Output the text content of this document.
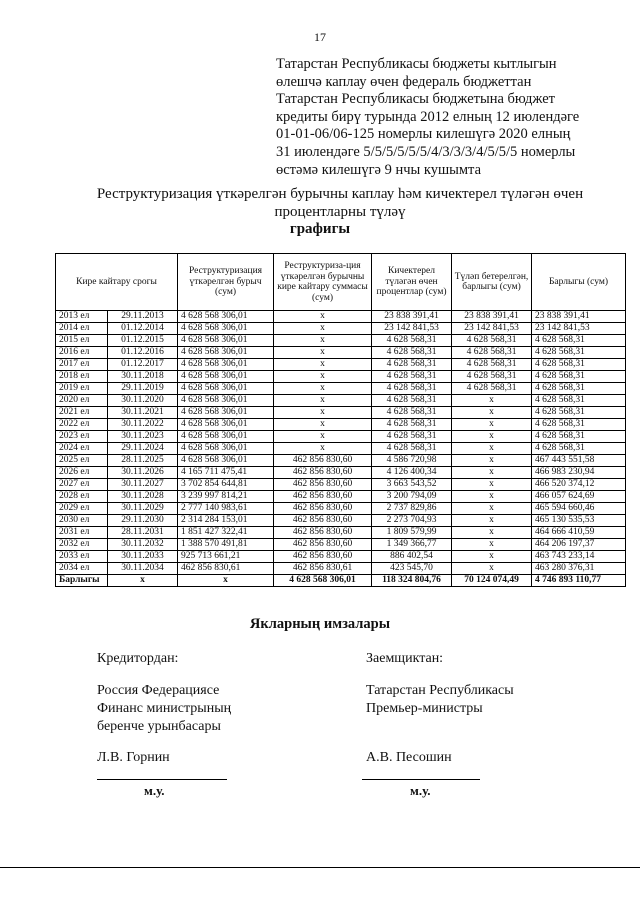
17
Татарстан Республикасы бюджеты кытлыгын
өлешчә каплау өчен федераль бюджеттан
Татарстан Республикасы бюджетына бюджет
кредиты бирү турында 2012 елның 12 июлендәге
01-01-06/06-125 номерлы килешүгә 2020 елның
31 июлендәге 5/5/5/5/5/5/4/3/3/3/4/5/5/5 номерлы
өстәмә килешүгә 9 нчы кушымта
Реструктуризация үткәрелгән бурычны каплау һәм кичектерел түләгән өчен
процентларны түләү
графигы
Кире кайтару срогы		Реструктуризация үткәрелгән бурыч (сум)	Реструктуриза-ция үткәрелгән бурычны кире кайтару суммасы (сум)	Кичектерел түләгән өчен процентлар (сум)	Түләп бетерелгән, барлыгы (сум)	Барлыгы (сум)
2013 ел	29.11.2013	4 628 568 306,01	х	23 838 391,41	23 838 391,41	23 838 391,41
2014 ел	01.12.2014	4 628 568 306,01	х	23 142 841,53	23 142 841,53	23 142 841,53
2015 ел	01.12.2015	4 628 568 306,01	х	4 628 568,31	4 628 568,31	4 628 568,31
2016 ел	01.12.2016	4 628 568 306,01	х	4 628 568,31	4 628 568,31	4 628 568,31
2017 ел	01.12.2017	4 628 568 306,01	х	4 628 568,31	4 628 568,31	4 628 568,31
2018 ел	30.11.2018	4 628 568 306,01	х	4 628 568,31	4 628 568,31	4 628 568,31
2019 ел	29.11.2019	4 628 568 306,01	х	4 628 568,31	4 628 568,31	4 628 568,31
2020 ел	30.11.2020	4 628 568 306,01	х	4 628 568,31	х	4 628 568,31
2021 ел	30.11.2021	4 628 568 306,01	х	4 628 568,31	х	4 628 568,31
2022 ел	30.11.2022	4 628 568 306,01	х	4 628 568,31	х	4 628 568,31
2023 ел	30.11.2023	4 628 568 306,01	х	4 628 568,31	х	4 628 568,31
2024 ел	29.11.2024	4 628 568 306,01	х	4 628 568,31	х	4 628 568,31
2025 ел	28.11.2025	4 628 568 306,01	462 856 830,60	4 586 720,98	х	467 443 551,58
2026 ел	30.11.2026	4 165 711 475,41	462 856 830,60	4 126 400,34	х	466 983 230,94
2027 ел	30.11.2027	3 702 854 644,81	462 856 830,60	3 663 543,52	х	466 520 374,12
2028 ел	30.11.2028	3 239 997 814,21	462 856 830,60	3 200 794,09	х	466 057 624,69
2029 ел	30.11.2029	2 777 140 983,61	462 856 830,60	2 737 829,86	х	465 594 660,46
2030 ел	29.11.2030	2 314 284 153,01	462 856 830,60	2 273 704,93	х	465 130 535,53
2031 ел	28.11.2031	1 851 427 322,41	462 856 830,60	1 809 579,99	х	464 666 410,59
2032 ел	30.11.2032	1 388 570 491,81	462 856 830,60	1 349 366,77	х	464 206 197,37
2033 ел	30.11.2033	925 713 661,21	462 856 830,60	886 402,54	х	463 743 233,14
2034 ел	30.11.2034	462 856 830,61	462 856 830,61	423 545,70	х	463 280 376,31
Барлыгы	х	х	4 628 568 306,01	118 324 804,76	70 124 074,49	4 746 893 110,77
Якларның имзалары
Кредитордан:
Россия Федерациясе
Финанс министрының
беренче урынбасары
Л.В. Горнин
м.у.
Заемщиктан:
Татарстан Республикасы
Премьер-министры
А.В. Песошин
м.у.
